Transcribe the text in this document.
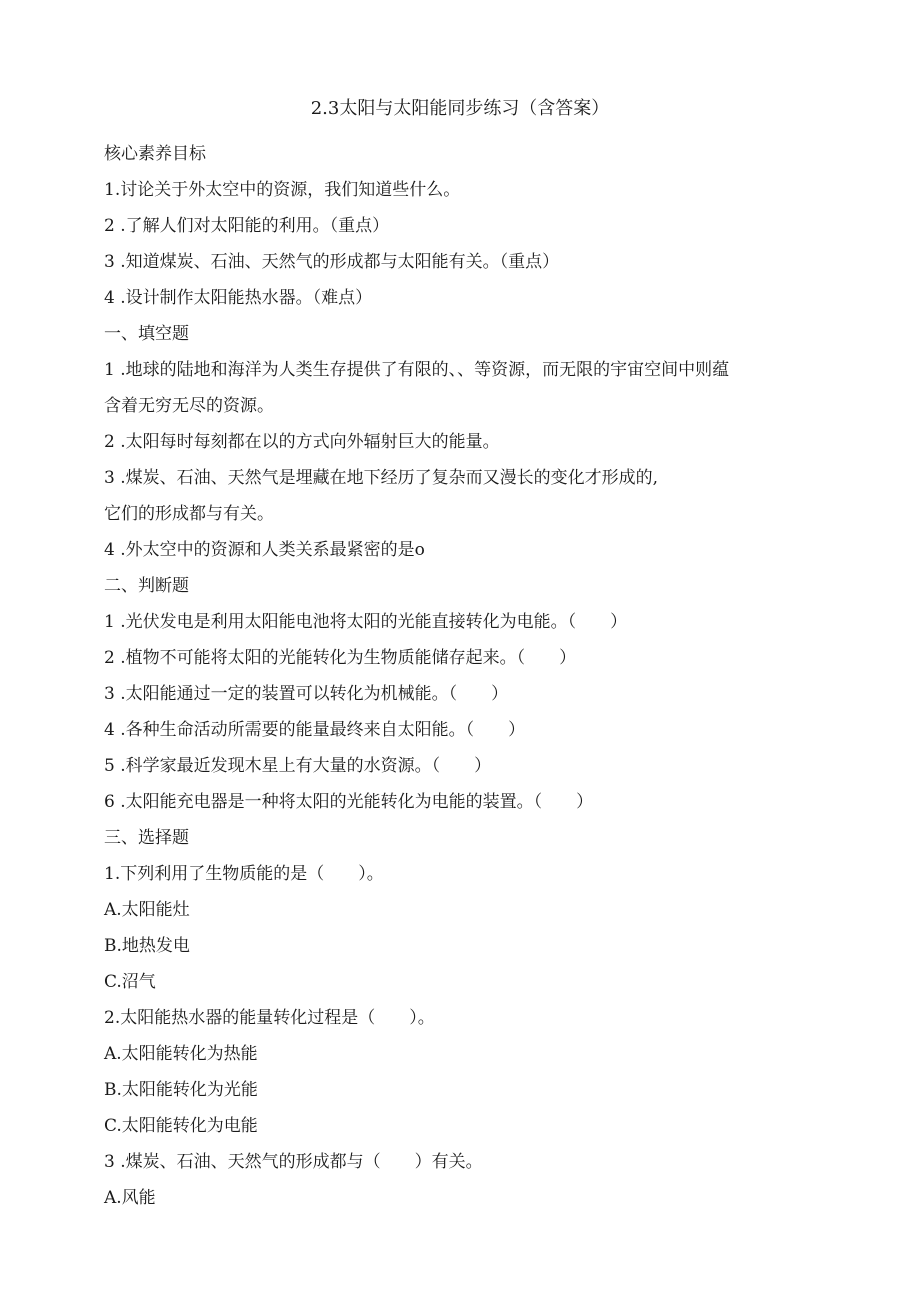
2.3太阳与太阳能同步练习（含答案）
核心素养目标
1.讨论关于外太空中的资源，我们知道些什么。
2 .了解人们对太阳能的利用。（重点）
3 .知道煤炭、石油、天然气的形成都与太阳能有关。（重点）
4 .设计制作太阳能热水器。（难点）
一、填空题
1 .地球的陆地和海洋为人类生存提供了有限的、、等资源，而无限的宇宙空间中则蕴
含着无穷无尽的资源。
2 .太阳每时每刻都在以的方式向外辐射巨大的能量。
3 .煤炭、石油、天然气是埋藏在地下经历了复杂而又漫长的变化才形成的,
它们的形成都与有关。
4 .外太空中的资源和人类关系最紧密的是o
二、判断题
1 .光伏发电是利用太阳能电池将太阳的光能直接转化为电能。（　　）
2 .植物不可能将太阳的光能转化为生物质能储存起来。（　　）
3 .太阳能通过一定的装置可以转化为机械能。（　　）
4 .各种生命活动所需要的能量最终来自太阳能。（　　）
5 .科学家最近发现木星上有大量的水资源。（　　）
6 .太阳能充电器是一种将太阳的光能转化为电能的装置。（　　）
三、选择题
1.下列利用了生物质能的是（　　）。
A.太阳能灶
B.地热发电
C.沼气
2.太阳能热水器的能量转化过程是（　　）。
A.太阳能转化为热能
B.太阳能转化为光能
C.太阳能转化为电能
3 .煤炭、石油、天然气的形成都与（　　）有关。
A.风能
